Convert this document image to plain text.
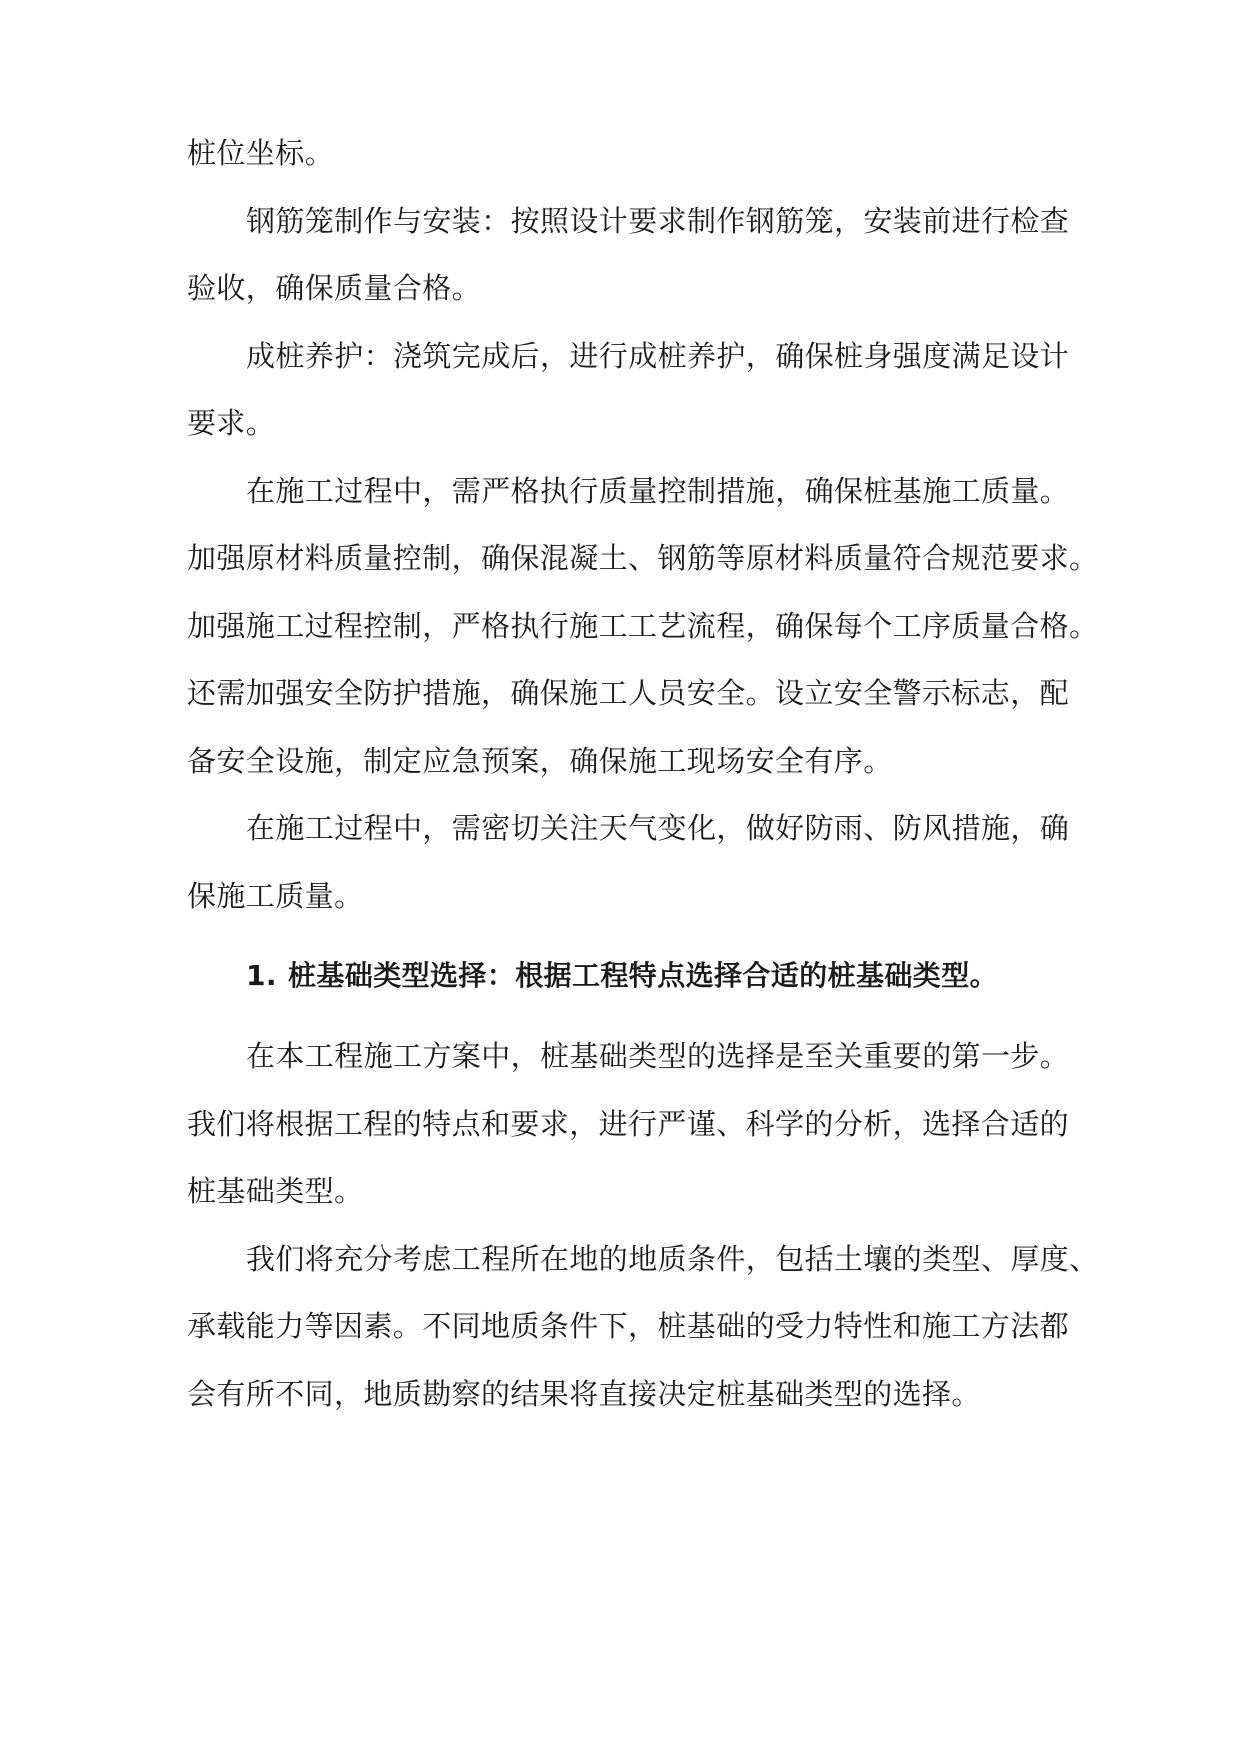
桩位坐标。
钢筋笼制作与安装：按照设计要求制作钢筋笼，安装前进行检查
验收，确保质量合格。
成桩养护：浇筑完成后，进行成桩养护，确保桩身强度满足设计
要求。
在施工过程中，需严格执行质量控制措施，确保桩基施工质量。
加强原材料质量控制，确保混凝土、钢筋等原材料质量符合规范要求。
加强施工过程控制，严格执行施工工艺流程，确保每个工序质量合格。
还需加强安全防护措施，确保施工人员安全。设立安全警示标志，配
备安全设施，制定应急预案，确保施工现场安全有序。
在施工过程中，需密切关注天气变化，做好防雨、防风措施，确
保施工质量。
1. 桩基础类型选择：根据工程特点选择合适的桩基础类型。
在本工程施工方案中，桩基础类型的选择是至关重要的第一步。
我们将根据工程的特点和要求，进行严谨、科学的分析，选择合适的
桩基础类型。
我们将充分考虑工程所在地的地质条件，包括土壤的类型、厚度、
承载能力等因素。不同地质条件下，桩基础的受力特性和施工方法都
会有所不同，地质勘察的结果将直接决定桩基础类型的选择。
